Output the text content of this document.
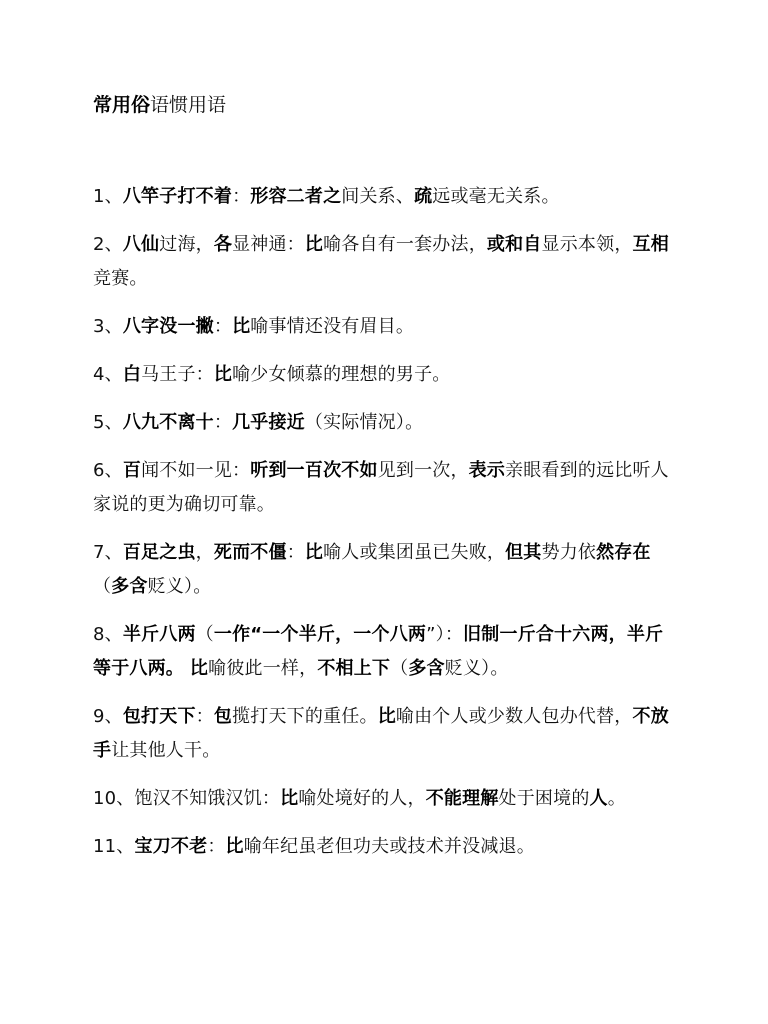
常用俗语惯用语

1、八竿子打不着：形容二者之间关系、疏远或毫无关系。

2、八仙过海，各显神通：比喻各自有一套办法，或和自显示本领，互相竞赛。

3、八字没一撇：比喻事情还没有眉目。

4、白马王子：比喻少女倾慕的理想的男子。

5、八九不离十：几乎接近（实际情况）。

6、百闻不如一见：听到一百次不如见到一次，表示亲眼看到的远比听人家说的更为确切可靠。

7、百足之虫，死而不僵：比喻人或集团虽已失败，但其势力依然存在（多含贬义）。

8、半斤八两（一作“一个半斤，一个八两”）：旧制一斤合十六两，半斤等于八两。 比喻彼此一样，不相上下（多含贬义）。

9、包打天下：包揽打天下的重任。比喻由个人或少数人包办代替，不放手让其他人干。

10、饱汉不知饿汉饥：比喻处境好的人，不能理解处于困境的人。

11、宝刀不老：比喻年纪虽老但功夫或技术并没减退。
